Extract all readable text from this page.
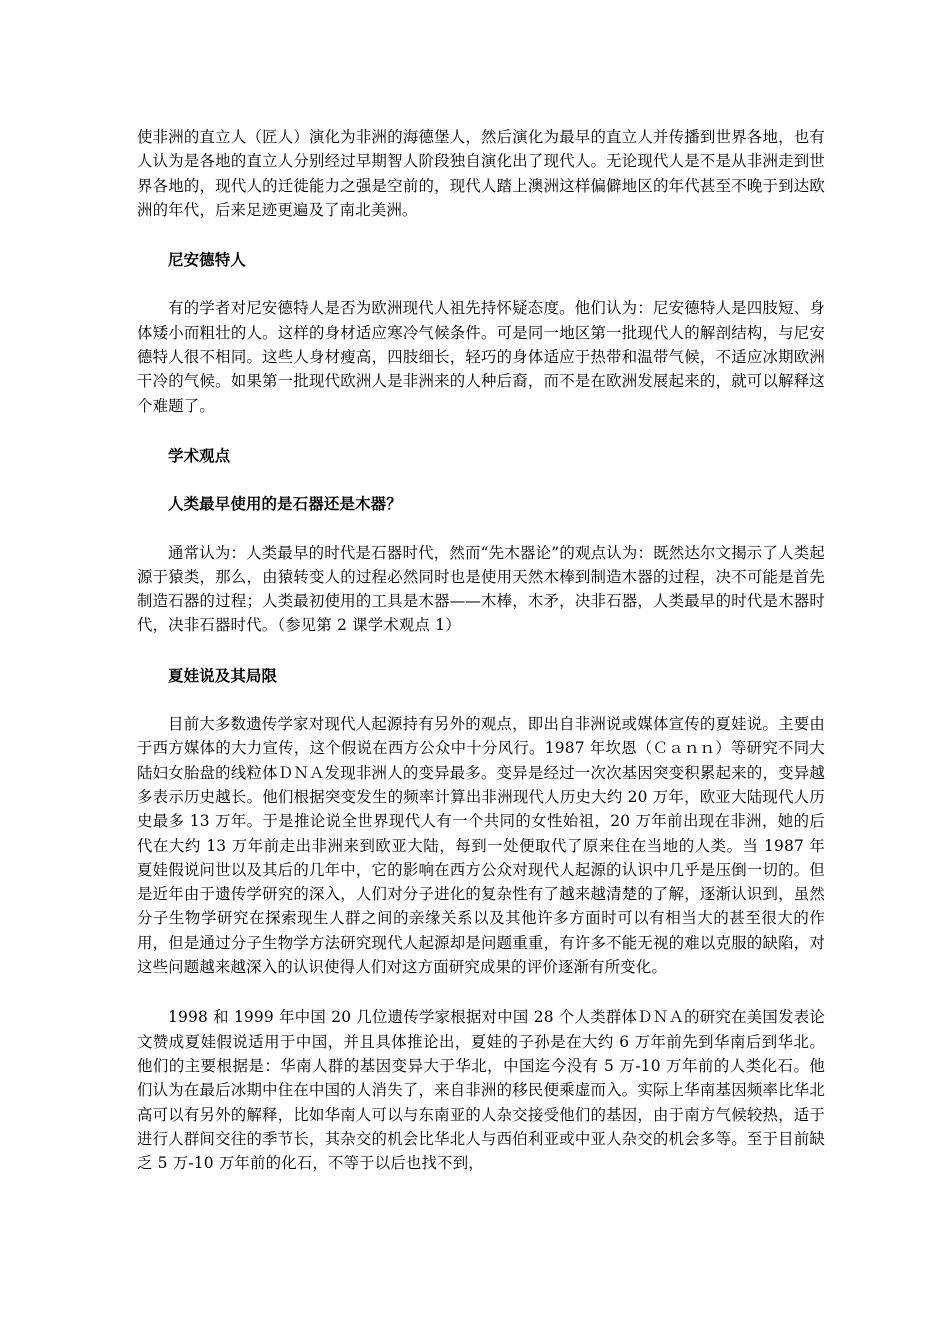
使非洲的直立人（匠人）演化为非洲的海德堡人，然后演化为最早的直立人并传播到世界各地，也有人认为是各地的直立人分别经过早期智人阶段独自演化出了现代人。无论现代人是不是从非洲走到世界各地的，现代人的迁徙能力之强是空前的，现代人踏上澳洲这样偏僻地区的年代甚至不晚于到达欧洲的年代，后来足迹更遍及了南北美洲。

尼安德特人

有的学者对尼安德特人是否为欧洲现代人祖先持怀疑态度。他们认为：尼安德特人是四肢短、身体矮小而粗壮的人。这样的身材适应寒冷气候条件。可是同一地区第一批现代人的解剖结构，与尼安德特人很不相同。这些人身材瘦高，四肢细长，轻巧的身体适应于热带和温带气候，不适应冰期欧洲干冷的气候。如果第一批现代欧洲人是非洲来的人种后裔，而不是在欧洲发展起来的，就可以解释这个难题了。

学术观点

人类最早使用的是石器还是木器？

通常认为：人类最早的时代是石器时代，然而“先木器论”的观点认为：既然达尔文揭示了人类起源于猿类，那么，由猿转变人的过程必然同时也是使用天然木棒到制造木器的过程，决不可能是首先制造石器的过程；人类最初使用的工具是木器——木棒，木矛，决非石器，人类最早的时代是木器时代，决非石器时代。（参见第 2 课学术观点 1）

夏娃说及其局限

目前大多数遗传学家对现代人起源持有另外的观点，即出自非洲说或媒体宣传的夏娃说。主要由于西方媒体的大力宣传，这个假说在西方公众中十分风行。1987 年坎恩（Ｃａｎｎ）等研究不同大陆妇女胎盘的线粒体ＤＮＡ发现非洲人的变异最多。变异是经过一次次基因突变积累起来的，变异越多表示历史越长。他们根据突变发生的频率计算出非洲现代人历史大约 20 万年，欧亚大陆现代人历史最多 13 万年。于是推论说全世界现代人有一个共同的女性始祖，20 万年前出现在非洲，她的后代在大约 13 万年前走出非洲来到欧亚大陆，每到一处便取代了原来住在当地的人类。当 1987 年夏娃假说问世以及其后的几年中，它的影响在西方公众对现代人起源的认识中几乎是压倒一切的。但是近年由于遗传学研究的深入，人们对分子进化的复杂性有了越来越清楚的了解，逐渐认识到，虽然分子生物学研究在探索现生人群之间的亲缘关系以及其他许多方面时可以有相当大的甚至很大的作用，但是通过分子生物学方法研究现代人起源却是问题重重，有许多不能无视的难以克服的缺陷，对这些问题越来越深入的认识使得人们对这方面研究成果的评价逐渐有所变化。

1998 和 1999 年中国 20 几位遗传学家根据对中国 28 个人类群体ＤＮＡ的研究在美国发表论文赞成夏娃假说适用于中国，并且具体推论出，夏娃的子孙是在大约 6 万年前先到华南后到华北。他们的主要根据是：华南人群的基因变异大于华北，中国迄今没有 5 万-10 万年前的人类化石。他们认为在最后冰期中住在中国的人消失了，来自非洲的移民便乘虚而入。实际上华南基因频率比华北高可以有另外的解释，比如华南人可以与东南亚的人杂交接受他们的基因，由于南方气候较热，适于进行人群间交往的季节长，其杂交的机会比华北人与西伯利亚或中亚人杂交的机会多等。至于目前缺乏 5 万-10 万年前的化石，不等于以后也找不到，
